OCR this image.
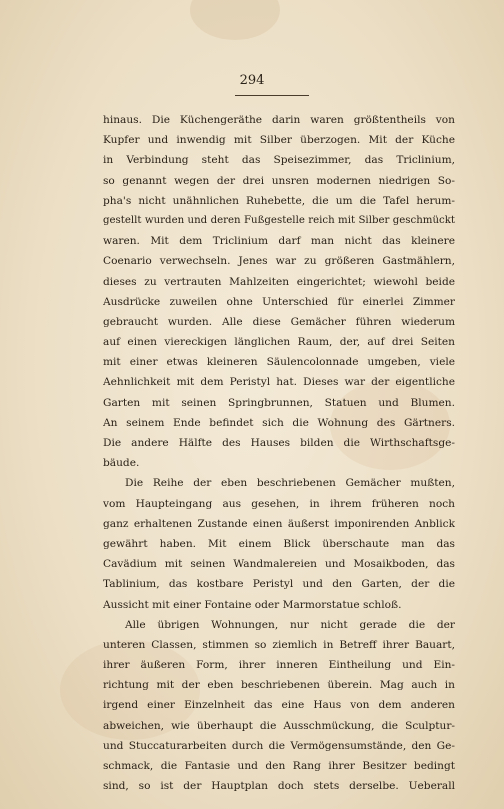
294
hinaus. Die Küchengeräthe darin waren größtentheils von
Kupfer und inwendig mit Silber überzogen. Mit der Küche
in Verbindung steht das Speisezimmer, das Triclinium,
so genannt wegen der drei unsren modernen niedrigen So-
pha's nicht unähnlichen Ruhebette, die um die Tafel herum-
gestellt wurden und deren Fußgestelle reich mit Silber geschmückt
waren. Mit dem Triclinium darf man nicht das kleinere
Coenario verwechseln. Jenes war zu größeren Gastmählern,
dieses zu vertrauten Mahlzeiten eingerichtet; wiewohl beide
Ausdrücke zuweilen ohne Unterschied für einerlei Zimmer
gebraucht wurden. Alle diese Gemächer führen wiederum
auf einen viereckigen länglichen Raum, der, auf drei Seiten
mit einer etwas kleineren Säulencolonnade umgeben, viele
Aehnlichkeit mit dem Peristyl hat. Dieses war der eigentliche
Garten mit seinen Springbrunnen, Statuen und Blumen.
An seinem Ende befindet sich die Wohnung des Gärtners.
Die andere Hälfte des Hauses bilden die Wirthschaftsge-
bäude.
Die Reihe der eben beschriebenen Gemächer mußten,
vom Haupteingang aus gesehen, in ihrem früheren noch
ganz erhaltenen Zustande einen äußerst imponirenden Anblick
gewährt haben. Mit einem Blick überschaute man das
Cavädium mit seinen Wandmalereien und Mosaikboden, das
Tablinium, das kostbare Peristyl und den Garten, der die
Aussicht mit einer Fontaine oder Marmorstatue schloß.
Alle übrigen Wohnungen, nur nicht gerade die der
unteren Classen, stimmen so ziemlich in Betreff ihrer Bauart,
ihrer äußeren Form, ihrer inneren Eintheilung und Ein-
richtung mit der eben beschriebenen überein. Mag auch in
irgend einer Einzelnheit das eine Haus von dem anderen
abweichen, wie überhaupt die Ausschmückung, die Sculptur-
und Stuccaturarbeiten durch die Vermögensumstände, den Ge-
schmack, die Fantasie und den Rang ihrer Besitzer bedingt
sind, so ist der Hauptplan doch stets derselbe. Ueberall
